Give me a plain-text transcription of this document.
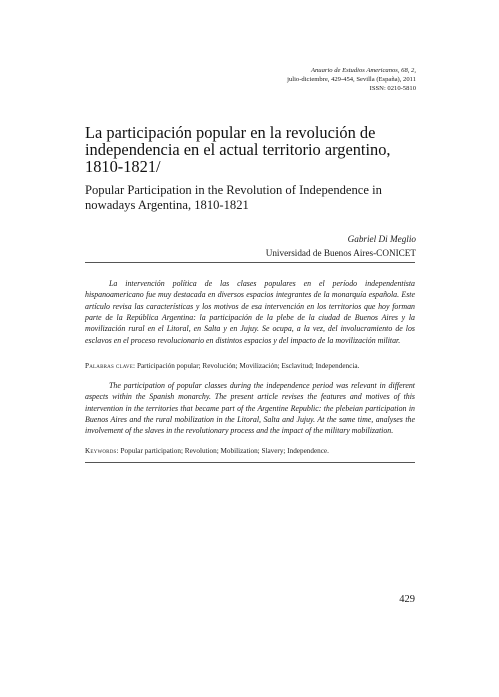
Anuario de Estudios Americanos, 68, 2,
julio-diciembre, 429-454, Sevilla (España), 2011
ISSN: 0210-5810
La participación popular en la revolución de independencia en el actual territorio argentino, 1810-1821/
Popular Participation in the Revolution of Independence in nowadays Argentina, 1810-1821
Gabriel Di Meglio
Universidad de Buenos Aires-CONICET

La intervención política de las clases populares en el período independentista hispanoamericano fue muy destacada en diversos espacios integrantes de la monarquía española. Este artículo revisa las características y los motivos de esa intervención en los territorios que hoy forman parte de la República Argentina: la participación de la plebe de la ciudad de Buenos Aires y la movilización rural en el Litoral, en Salta y en Jujuy. Se ocupa, a la vez, del involucramiento de los esclavos en el proceso revolucionario en distintos espacios y del impacto de la movilización militar.

Palabras clave: Participación popular; Revolución; Movilización; Esclavitud; Independencia.

The participation of popular classes during the independence period was relevant in different aspects within the Spanish monarchy. The present article revises the features and motives of this intervention in the territories that became part of the Argentine Republic: the plebeian participation in Buenos Aires and the rural mobilization in the Litoral, Salta and Jujuy. At the same time, analyses the involvement of the slaves in the revolutionary process and the impact of the military mobilization.

Keywords: Popular participation; Revolution; Mobilization; Slavery; Independence.
429
